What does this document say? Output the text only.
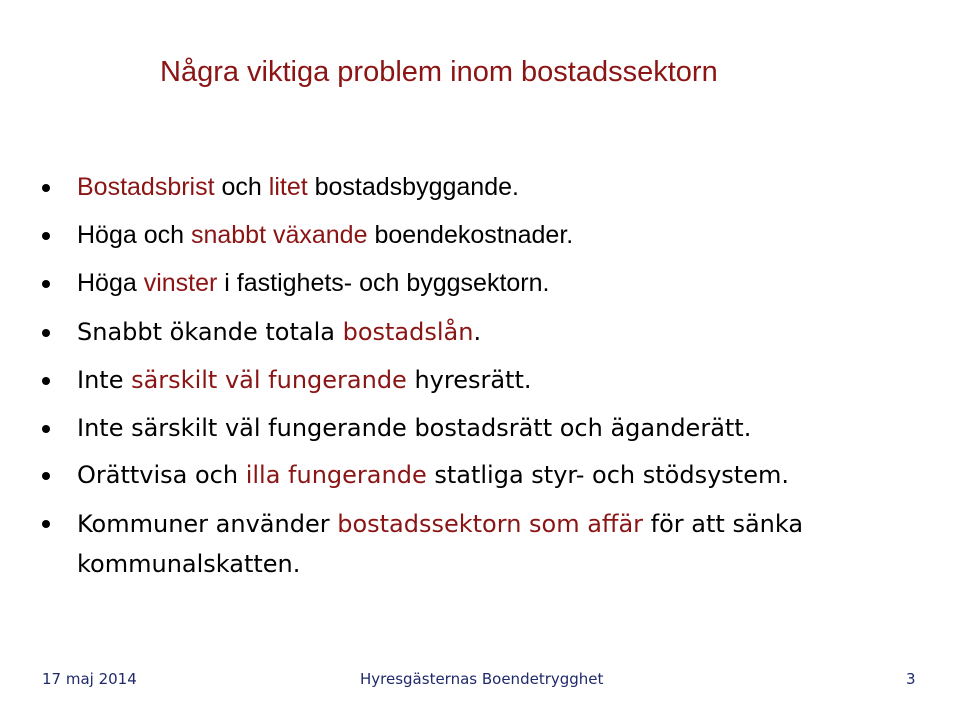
Några viktiga problem inom bostadssektorn
Bostadsbrist och litet bostadsbyggande.
Höga och snabbt växande boendekostnader.
Höga vinster i fastighets- och byggsektorn.
Snabbt ökande totala bostadslån.
Inte särskilt väl fungerande hyresrätt.
Inte särskilt väl fungerande bostadsrätt och äganderätt.
Orättvisa och illa fungerande statliga styr- och stödsystem.
Kommuner använder bostadssektorn som affär för att sänka kommunalskatten.
17 maj 2014	Hyresgästernas Boendetrygghet	3
